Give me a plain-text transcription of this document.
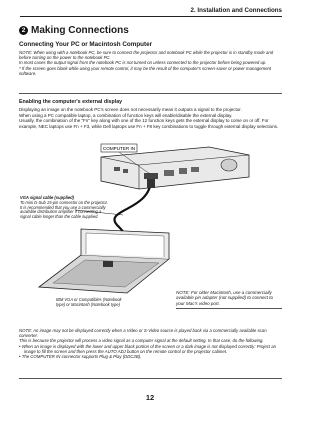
2. Installation and Connections
2 Making Connections
Connecting Your PC or Macintosh Computer
NOTE: When using with a notebook PC, be sure to connect the projector and notebook PC while the projector is in standby mode and before turning on the power to the notebook PC.
In most cases the output signal from the notebook PC is not turned on unless connected to the projector before being powered up.
* If the screen goes blank while using your remote control, it may be the result of the computer's screen-saver or power management software.
Enabling the computer's external display
Displaying an image on the notebook PC's screen does not necessarily mean it outputs a signal to the projector.
When using a PC compatible laptop, a combination of function keys will enable/disable the external display.
Usually, the combination of the "Fn" key along with one of the 12 function keys gets the external display to come on or off. For example, NEC laptops use Fn + F3, while Dell laptops use Fn + F8 key combinations to toggle through external display selections.
COMPUTER IN
VGA signal cable (supplied)
To mini D-Sub 15-pin connector on the projector.
It is recommended that you use a commercially
available distribution amplifier if connecting a
signal cable longer than the cable supplied.
IBM VGA or Compatibles (Notebook
type) or Macintosh (Notebook type)
NOTE: For older Macintosh, use a commercially
available pin adapter (not supplied) to connect to
your Mac's video port.
NOTE: An image may not be displayed correctly when a Video or S-Video source is played back via a commercially available scan converter.
This is because the projector will process a video signal as a computer signal at the default setting. In that case, do the following.
• When an image is displayed with the lower and upper black portion of the screen or a dark image is not displayed correctly: Project an image to fill the screen and then press the AUTO ADJ button on the remote control or the projector cabinet.
• The COMPUTER IN connector supports Plug & Play (DDC2B).
12
